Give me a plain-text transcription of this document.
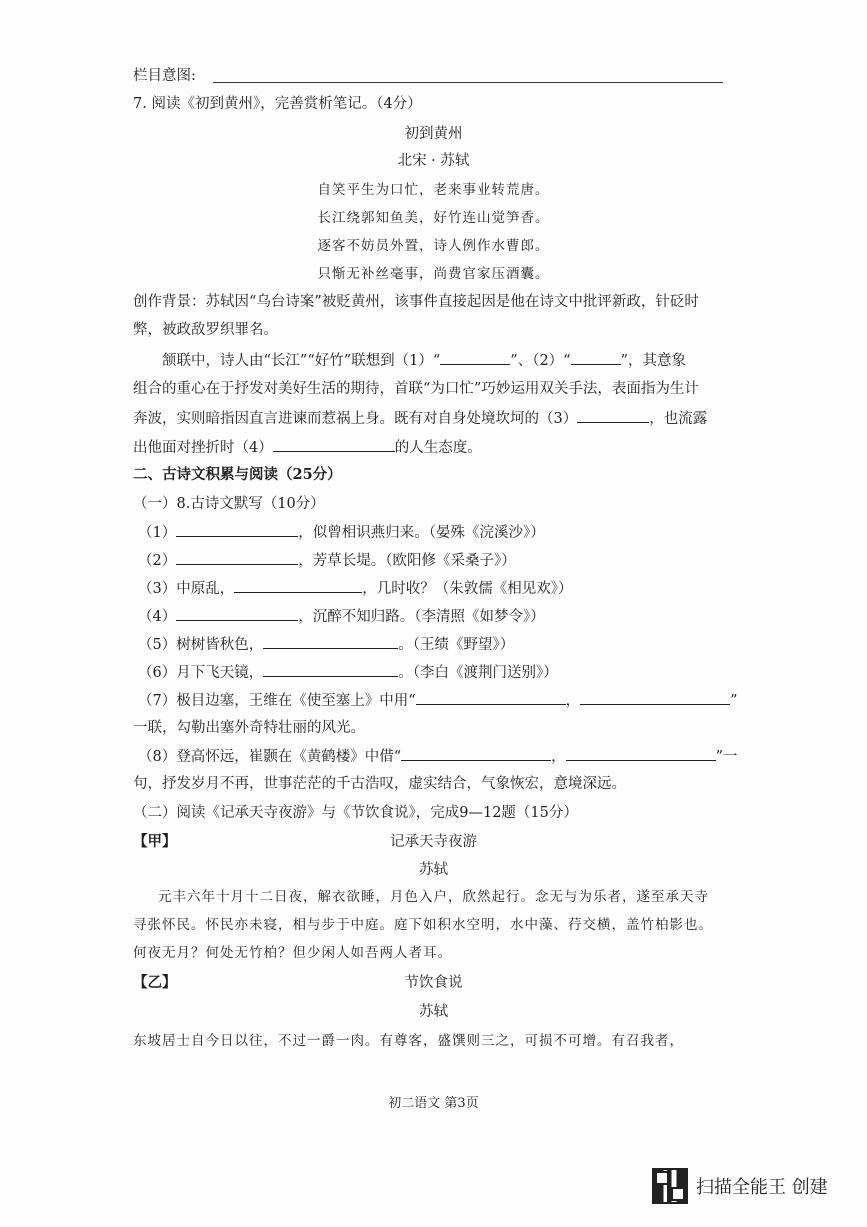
栏目意图:
7. 阅读《初到黄州》，完善赏析笔记。（4分）
初到黄州
北宋 · 苏轼
自笑平生为口忙，老来事业转荒唐。
长江绕郭知鱼美，好竹连山觉笋香。
逐客不妨员外置，诗人例作水曹郎。
只惭无补丝毫事，尚费官家压酒囊。
创作背景：苏轼因“乌台诗案”被贬黄州，该事件直接起因是他在诗文中批评新政，针砭时
弊，被政敌罗织罪名。
颔联中，诗人由“长江”“好竹”联想到（1）“	”、（2）“	”，其意象
组合的重心在于抒发对美好生活的期待，首联“为口忙”巧妙运用双关手法，表面指为生计
奔波，实则暗指因直言进谏而惹祸上身。既有对自身处境坎坷的（3）	，也流露
出他面对挫折时（4）	的人生态度。
二、古诗文积累与阅读（25分）
（一）8.古诗文默写（10分）
（1）	，似曾相识燕归来。（晏殊《浣溪沙》）
（2）	，芳草长堤。（欧阳修《采桑子》）
（3）中原乱，	，几时收？（朱敦儒《相见欢》）
（4）	，沉醉不知归路。（李清照《如梦令》）
（5）树树皆秋色，	。（王绩《野望》）
（6）月下飞天镜，	。（李白《渡荆门送别》）
（7）极目边塞，王维在《使至塞上》中用“	，	”
一联，勾勒出塞外奇特壮丽的风光。
（8）登高怀远，崔颢在《黄鹤楼》中借“	，	”一
句，抒发岁月不再，世事茫茫的千古浩叹，虚实结合，气象恢宏，意境深远。
（二）阅读《记承天寺夜游》与《节饮食说》，完成9—12题（15分）
【甲】	记承天寺夜游
苏轼
元丰六年十月十二日夜，解衣欲睡，月色入户，欣然起行。念无与为乐者，遂至承天寺
寻张怀民。怀民亦未寝，相与步于中庭。庭下如积水空明，水中藻、荇交横，盖竹柏影也。
何夜无月？何处无竹柏？但少闲人如吾两人者耳。
【乙】	节饮食说
苏轼
东坡居士自今日以往，不过一爵一肉。有尊客，盛馔则三之，可损不可增。有召我者，
初二语文 第3页
扫描全能王 创建
